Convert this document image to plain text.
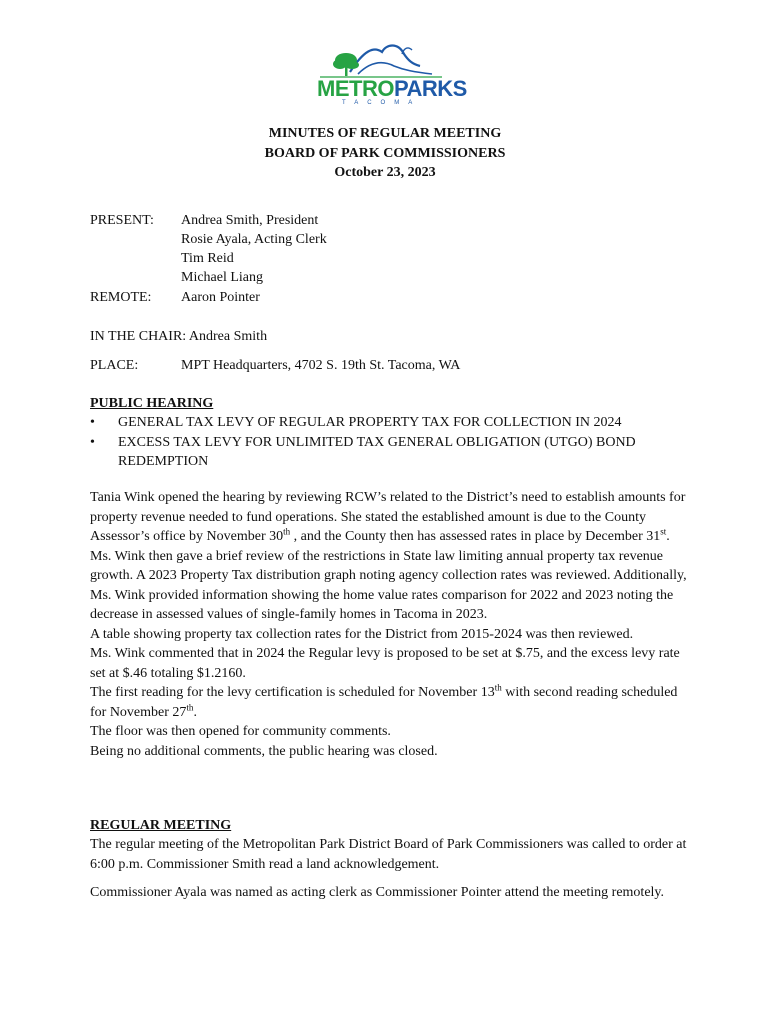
METROPARKS
TACOMA
MINUTES OF REGULAR MEETING
BOARD OF PARK COMMISSIONERS
October 23, 2023
PRESENT: Andrea Smith, President
Rosie Ayala, Acting Clerk
Tim Reid
Michael Liang
REMOTE: Aaron Pointer
IN THE CHAIR: Andrea Smith
PLACE:	MPT Headquarters, 4702 S. 19th St. Tacoma, WA
PUBLIC HEARING
• GENERAL TAX LEVY OF REGULAR PROPERTY TAX FOR COLLECTION IN 2024
• EXCESS TAX LEVY FOR UNLIMITED TAX GENERAL OBLIGATION (UTGO) BOND REDEMPTION

Tania Wink opened the hearing by reviewing RCW’s related to the District’s need to establish amounts for property revenue needed to fund operations. She stated the established amount is due to the County Assessor’s office by November 30th , and the County then has assessed rates in place by December 31st.

Ms. Wink then gave a brief review of the restrictions in State law limiting annual property tax revenue growth. A 2023 Property Tax distribution graph noting agency collection rates was reviewed. Additionally, Ms. Wink provided information showing the home value rates comparison for 2022 and 2023 noting the decrease in assessed values of single-family homes in Tacoma in 2023.

A table showing property tax collection rates for the District from 2015-2024 was then reviewed.

Ms. Wink commented that in 2024 the Regular levy is proposed to be set at $.75, and the excess levy rate set at $.46 totaling $1.2160.

The first reading for the levy certification is scheduled for November 13th with second reading scheduled for November 27th.

The floor was then opened for community comments.

Being no additional comments, the public hearing was closed.

REGULAR MEETING

The regular meeting of the Metropolitan Park District Board of Park Commissioners was called to order at 6:00 p.m. Commissioner Smith read a land acknowledgement.

Commissioner Ayala was named as acting clerk as Commissioner Pointer attend the meeting remotely.
